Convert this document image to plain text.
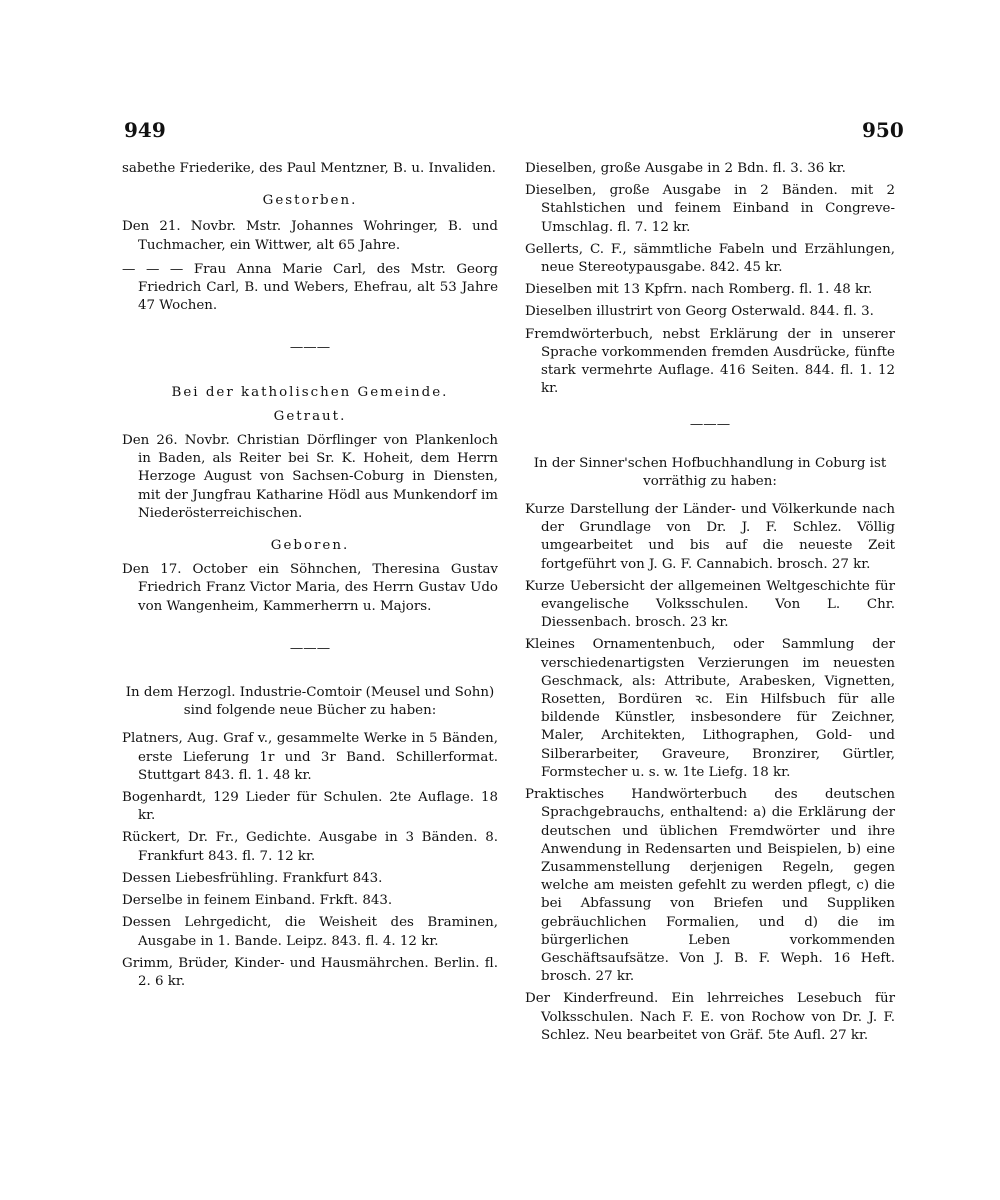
949	950

sabethe Friederike, des Paul Mentzner, B. u. Invaliden.

Gestorben.

Den 21. Novbr. Mstr. Johannes Wohringer, B. und Tuchmacher, ein Wittwer, alt 65 Jahre.

— — — Frau Anna Marie Carl, des Mstr. Georg Friedrich Carl, B. und Webers, Ehefrau, alt 53 Jahre 47 Wochen.

———

Bei der katholischen Gemeinde.

Getraut.

Den 26. Novbr. Christian Dörflinger von Plankenloch in Baden, als Reiter bei Sr. K. Hoheit, dem Herrn Herzoge August von Sachsen-Coburg in Diensten, mit der Jungfrau Katharine Hödl aus Munkendorf im Niederösterreichischen.

Geboren.

Den 17. October ein Söhnchen, Theresina Gustav Friedrich Franz Victor Maria, des Herrn Gustav Udo von Wangenheim, Kammerherrn u. Majors.

———

In dem Herzogl. Industrie-Comtoir (Meusel und Sohn) sind folgende neue Bücher zu haben:

Platners, Aug. Graf v., gesammelte Werke in 5 Bänden, erste Lieferung 1r und 3r Band. Schillerformat. Stuttgart 843. fl. 1. 48 kr.

Bogenhardt, 129 Lieder für Schulen. 2te Auflage. 18 kr.

Rückert, Dr. Fr., Gedichte. Ausgabe in 3 Bänden. 8. Frankfurt 843. fl. 7. 12 kr.

Dessen Liebesfrühling. Frankfurt 843.

Derselbe in feinem Einband. Frkft. 843.

Dessen Lehrgedicht, die Weisheit des Braminen, Ausgabe in 1. Bande. Leipz. 843. fl. 4. 12 kr.

Grimm, Brüder, Kinder- und Hausmährchen. Berlin. fl. 2. 6 kr.

Dieselben, große Ausgabe in 2 Bdn. fl. 3. 36 kr.

Dieselben, große Ausgabe in 2 Bänden. mit 2 Stahlstichen und feinem Einband in Congreve-Umschlag. fl. 7. 12 kr.

Gellerts, C. F., sämmtliche Fabeln und Erzählungen, neue Stereotypausgabe. 842. 45 kr.

Dieselben mit 13 Kpfrn. nach Romberg. fl. 1. 48 kr.

Dieselben illustrirt von Georg Osterwald. 844. fl. 3.

Fremdwörterbuch, nebst Erklärung der in unserer Sprache vorkommenden fremden Ausdrücke, fünfte stark vermehrte Auflage. 416 Seiten. 844. fl. 1. 12 kr.

———

In der Sinner'schen Hofbuchhandlung in Coburg ist vorräthig zu haben:

Kurze Darstellung der Länder- und Völkerkunde nach der Grundlage von Dr. J. F. Schlez. Völlig umgearbeitet und bis auf die neueste Zeit fortgeführt von J. G. F. Cannabich. brosch. 27 kr.

Kurze Uebersicht der allgemeinen Weltgeschichte für evangelische Volksschulen. Von L. Chr. Diessenbach. brosch. 23 kr.

Kleines Ornamentenbuch, oder Sammlung der verschiedenartigsten Verzierungen im neuesten Geschmack, als: Attribute, Arabesken, Vignetten, Rosetten, Bordüren ꝛc. Ein Hilfsbuch für alle bildende Künstler, insbesondere für Zeichner, Maler, Architekten, Lithographen, Gold- und Silberarbeiter, Graveure, Bronzirer, Gürtler, Formstecher u. s. w. 1te Liefg. 18 kr.

Praktisches Handwörterbuch des deutschen Sprachgebrauchs, enthaltend: a) die Erklärung der deutschen und üblichen Fremdwörter und ihre Anwendung in Redensarten und Beispielen, b) eine Zusammenstellung derjenigen Regeln, gegen welche am meisten gefehlt zu werden pflegt, c) die bei Abfassung von Briefen und Suppliken gebräuchlichen Formalien, und d) die im bürgerlichen Leben vorkommenden Geschäftsaufsätze. Von J. B. F. Weph. 16 Heft. brosch. 27 kr.

Der Kinderfreund. Ein lehrreiches Lesebuch für Volksschulen. Nach F. E. von Rochow von Dr. J. F. Schlez. Neu bearbeitet von Gräf. 5te Aufl. 27 kr.
